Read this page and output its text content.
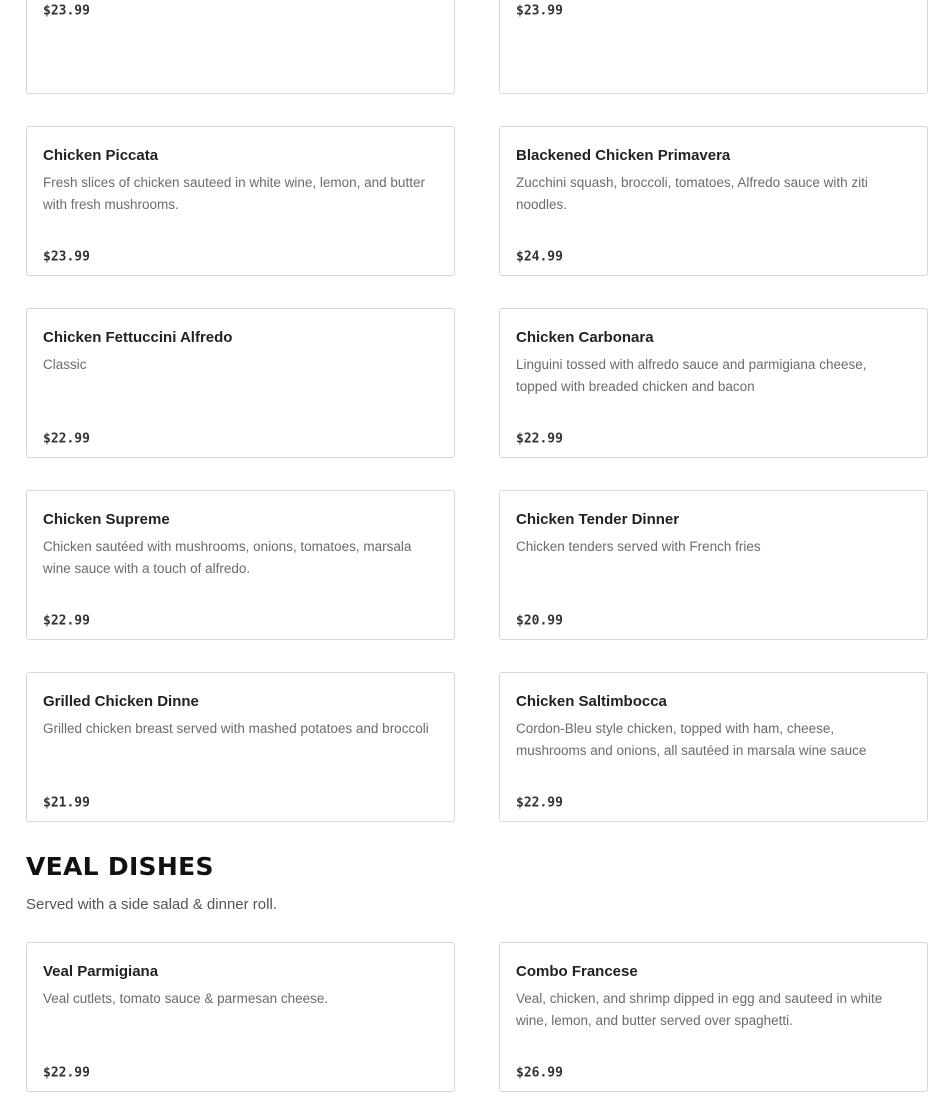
$23.99	$23.99
Chicken Piccata
Fresh slices of chicken sauteed in white wine, lemon, and butter with fresh mushrooms.
$23.99
Blackened Chicken Primavera
Zucchini squash, broccoli, tomatoes, Alfredo sauce with ziti noodles.
$24.99
Chicken Fettuccini Alfredo
Classic
$22.99
Chicken Carbonara
Linguini tossed with alfredo sauce and parmigiana cheese, topped with breaded chicken and bacon
$22.99
Chicken Supreme
Chicken sautéed with mushrooms, onions, tomatoes, marsala wine sauce with a touch of alfredo.
$22.99
Chicken Tender Dinner
Chicken tenders served with French fries
$20.99
Grilled Chicken Dinne
Grilled chicken breast served with mashed potatoes and broccoli
$21.99
Chicken Saltimbocca
Cordon-Bleu style chicken, topped with ham, cheese, mushrooms and onions, all sautéed in marsala wine sauce
$22.99
VEAL DISHES
Served with a side salad & dinner roll.
Veal Parmigiana
Veal cutlets, tomato sauce & parmesan cheese.
$22.99
Combo Francese
Veal, chicken, and shrimp dipped in egg and sauteed in white wine, lemon, and butter served over spaghetti.
$26.99
